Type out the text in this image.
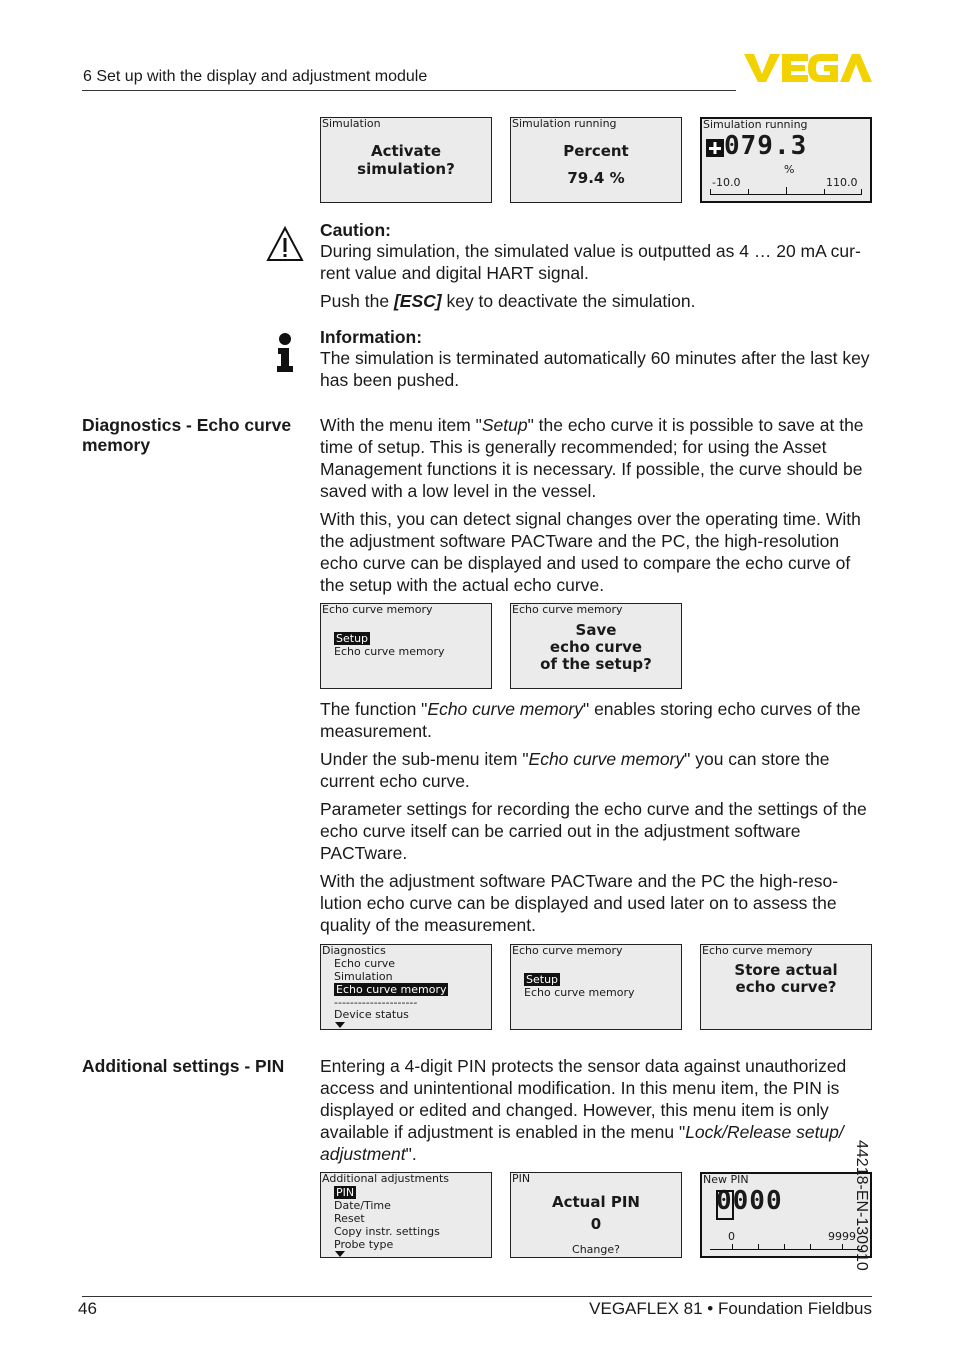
6 Set up with the display and adjustment module
Simulation
Activate
simulation?
Simulation running
Percent
79.4 %
Simulation running
079.3
%
-10.0	110.0
Caution:

During simulation, the simulated value is outputted as 4 … 20 mA cur-rent value and digital HART signal.

Push the [ESC] key to deactivate the simulation.

Information:

The simulation is terminated automatically 60 minutes after the last key has been pushed.

Diagnostics - Echo curve memory

With the menu item "Setup" the echo curve it is possible to save at the time of setup. This is generally recommended; for using the Asset Management functions it is necessary. If possible, the curve should be saved with a low level in the vessel.

With this, you can detect signal changes over the operating time. With the adjustment software PACTware and the PC, the high-resolution echo curve can be displayed and used to compare the echo curve of the setup with the actual echo curve.

Echo curve memory
Setup
Echo curve memory
Echo curve memory
Save
echo curve
of the setup?

The function "Echo curve memory" enables storing echo curves of the measurement.

Under the sub-menu item "Echo curve memory" you can store the current echo curve.

Parameter settings for recording the echo curve and the settings of the echo curve itself can be carried out in the adjustment software PACTware.

With the adjustment software PACTware and the PC the high-reso-lution echo curve can be displayed and used later on to assess the quality of the measurement.

Diagnostics
Echo curve
Simulation
Echo curve memory
---------------------
Device status
Echo curve memory
Setup
Echo curve memory
Echo curve memory
Store actual
echo curve?
Additional settings - PIN	Entering a 4-digit PIN protects the sensor data against unauthorized access and unintentional modification. In this menu item, the PIN is displayed or edited and changed. However, this menu item is only available if adjustment is enabled in the menu "Lock/Release setup/ adjustment".

Additional adjustments
PIN
Date/Time
Reset
Copy instr. settings
Probe type
PIN
Actual PIN
0
Change?
New PIN
0000
0	9999
44218-EN-130910
46	VEGAFLEX 81 • Foundation Fieldbus
